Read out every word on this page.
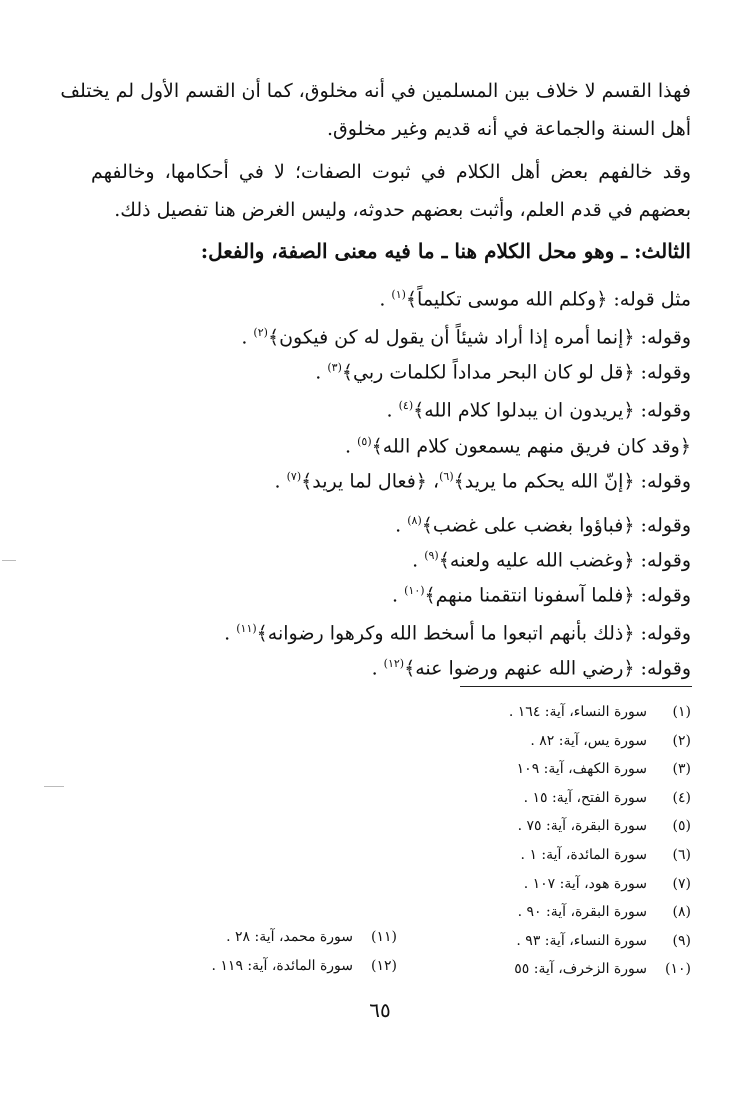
فهذا القسم لا خلاف بين المسلمين في أنه مخلوق، كما أن القسم الأول لم يختلف
أهل السنة والجماعة في أنه قديم وغير مخلوق.
وقد خالفهم بعض أهل الكلام في ثبوت الصفات؛ لا في أحكامها، وخالفهم
بعضهم في قدم العلم، وأثبت بعضهم حدوثه، وليس الغرض هنا تفصيل ذلك.
الثالث: ـ وهو محل الكلام هنا ـ ما فيه معنى الصفة، والفعل:
مثل قوله: ﴿وكلم الله موسى تكليماً﴾$^{(١)}$ .
وقوله: ﴿إنما أمره إذا أراد شيئاً أن يقول له كن فيكون﴾$^{(٢)}$ .
وقوله: ﴿قل لو كان البحر مداداً لكلمات ربي﴾$^{(٣)}$ .
وقوله: ﴿يريدون ان يبدلوا كلام الله﴾$^{(٤)}$ .
﴿وقد كان فريق منهم يسمعون كلام الله﴾$^{(٥)}$ .
وقوله: ﴿إنّ الله يحكم ما يريد﴾$^{(٦)}$، ﴿فعال لما يريد﴾$^{(٧)}$ .
وقوله: ﴿فباؤوا بغضب على غضب﴾$^{(٨)}$ .
وقوله: ﴿وغضب الله عليه ولعنه﴾$^{(٩)}$ .
وقوله: ﴿فلما آسفونا انتقمنا منهم﴾$^{(١٠)}$ .
وقوله: ﴿ذلك بأنهم اتبعوا ما أسخط الله وكرهوا رضوانه﴾$^{(١١)}$ .
وقوله: ﴿رضي الله عنهم ورضوا عنه﴾$^{(١٢)}$ .
(١)سورة النساء، آية: ١٦٤ .
(٢)سورة يس، آية: ٨٢ .
(٣)سورة الكهف، آية: ١٠٩
(٤)سورة الفتح، آية: ١٥ .
(٥)سورة البقرة، آية: ٧٥ .
(٦)سورة المائدة، آية: ١ .
(٧)سورة هود، آية: ١٠٧ .
(٨)سورة البقرة، آية: ٩٠ .
(٩)سورة النساء، آية: ٩٣ .
(١٠)سورة الزخرف، آية: ٥٥
(١١)سورة محمد، آية: ٢٨ .
(١٢)سورة المائدة، آية: ١١٩ .
٦٥
